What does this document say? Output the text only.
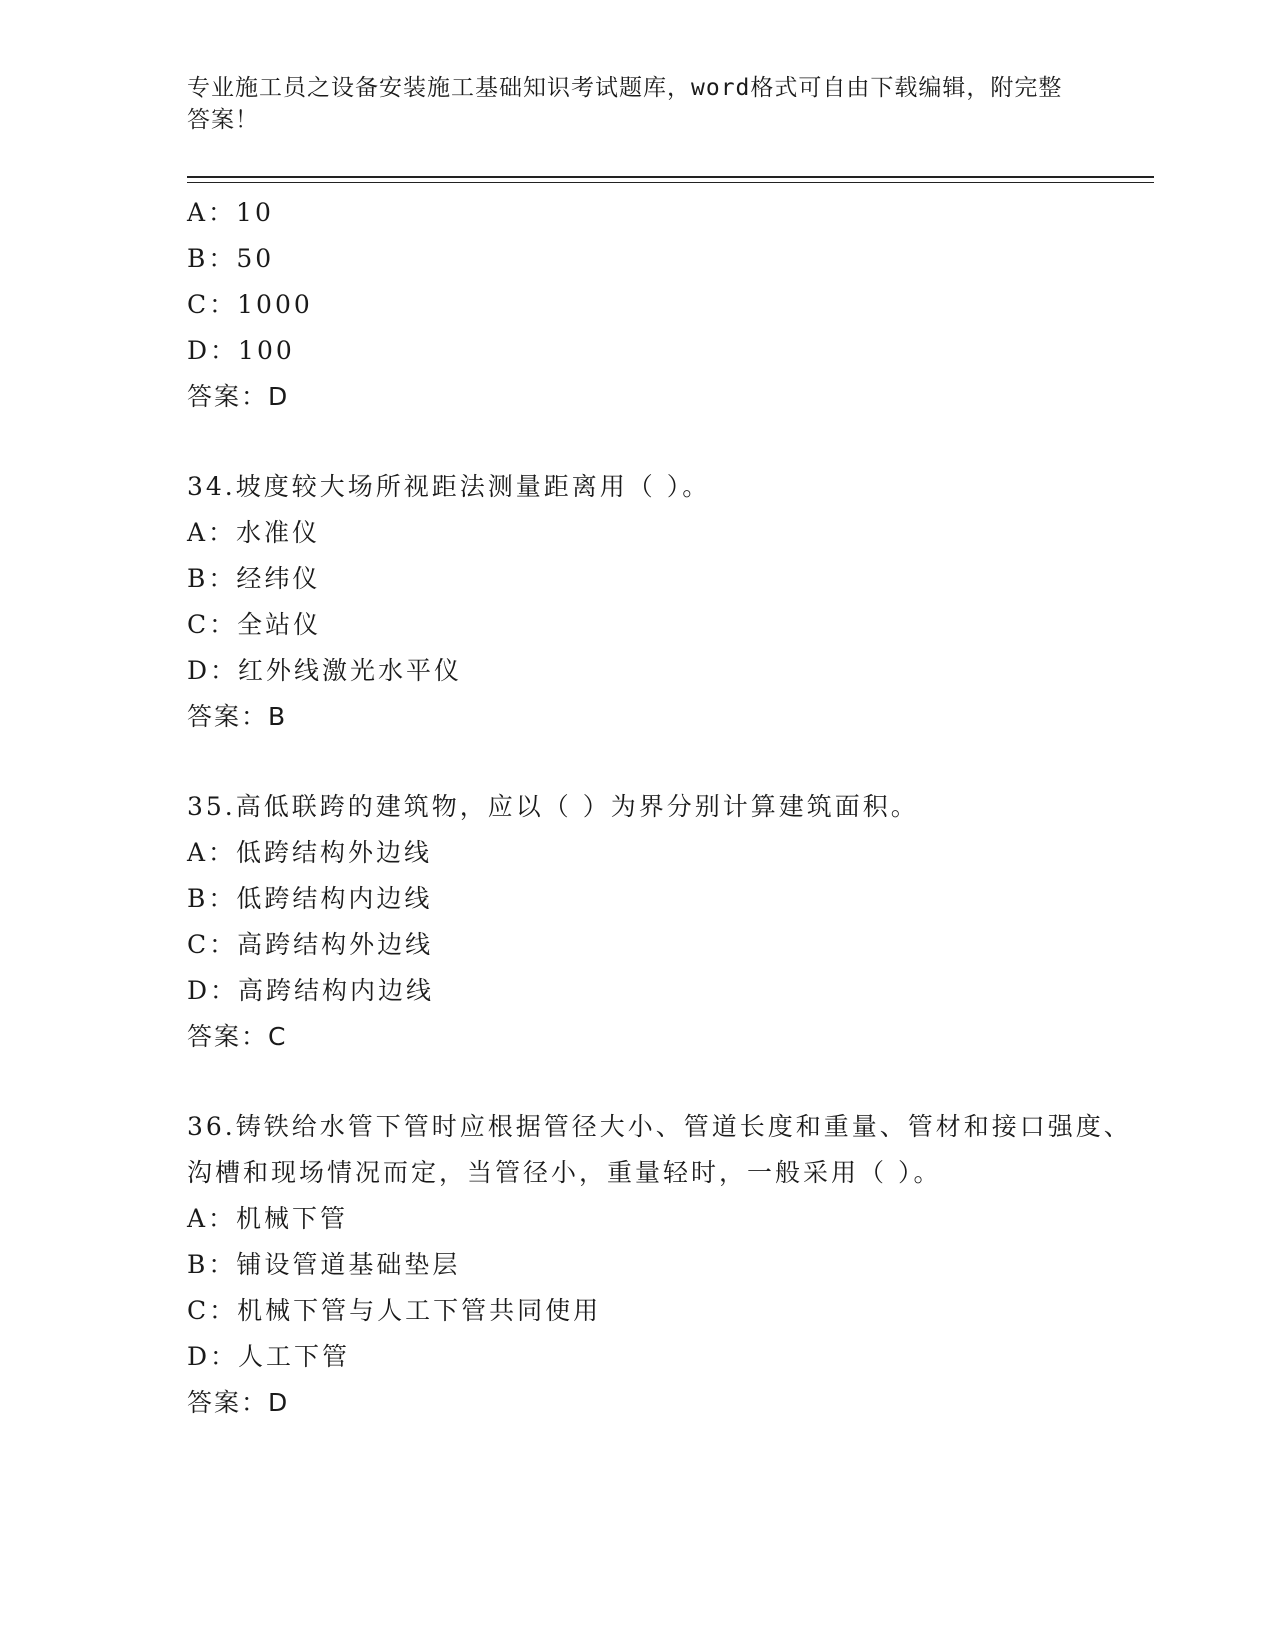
专业施工员之设备安装施工基础知识考试题库，word格式可自由下载编辑，附完整答案！
A：10
B：50
C：1000
D：100
答案：D
34.坡度较大场所视距法测量距离用（ ）。
A：水准仪
B：经纬仪
C：全站仪
D：红外线激光水平仪
答案：B
35.高低联跨的建筑物，应以（ ）为界分别计算建筑面积。
A：低跨结构外边线
B：低跨结构内边线
C：高跨结构外边线
D：高跨结构内边线
答案：C
36.铸铁给水管下管时应根据管径大小、管道长度和重量、管材和接口强度、沟槽和现场情况而定，当管径小，重量轻时，一般采用（ ）。
A：机械下管
B：铺设管道基础垫层
C：机械下管与人工下管共同使用
D：人工下管
答案：D
